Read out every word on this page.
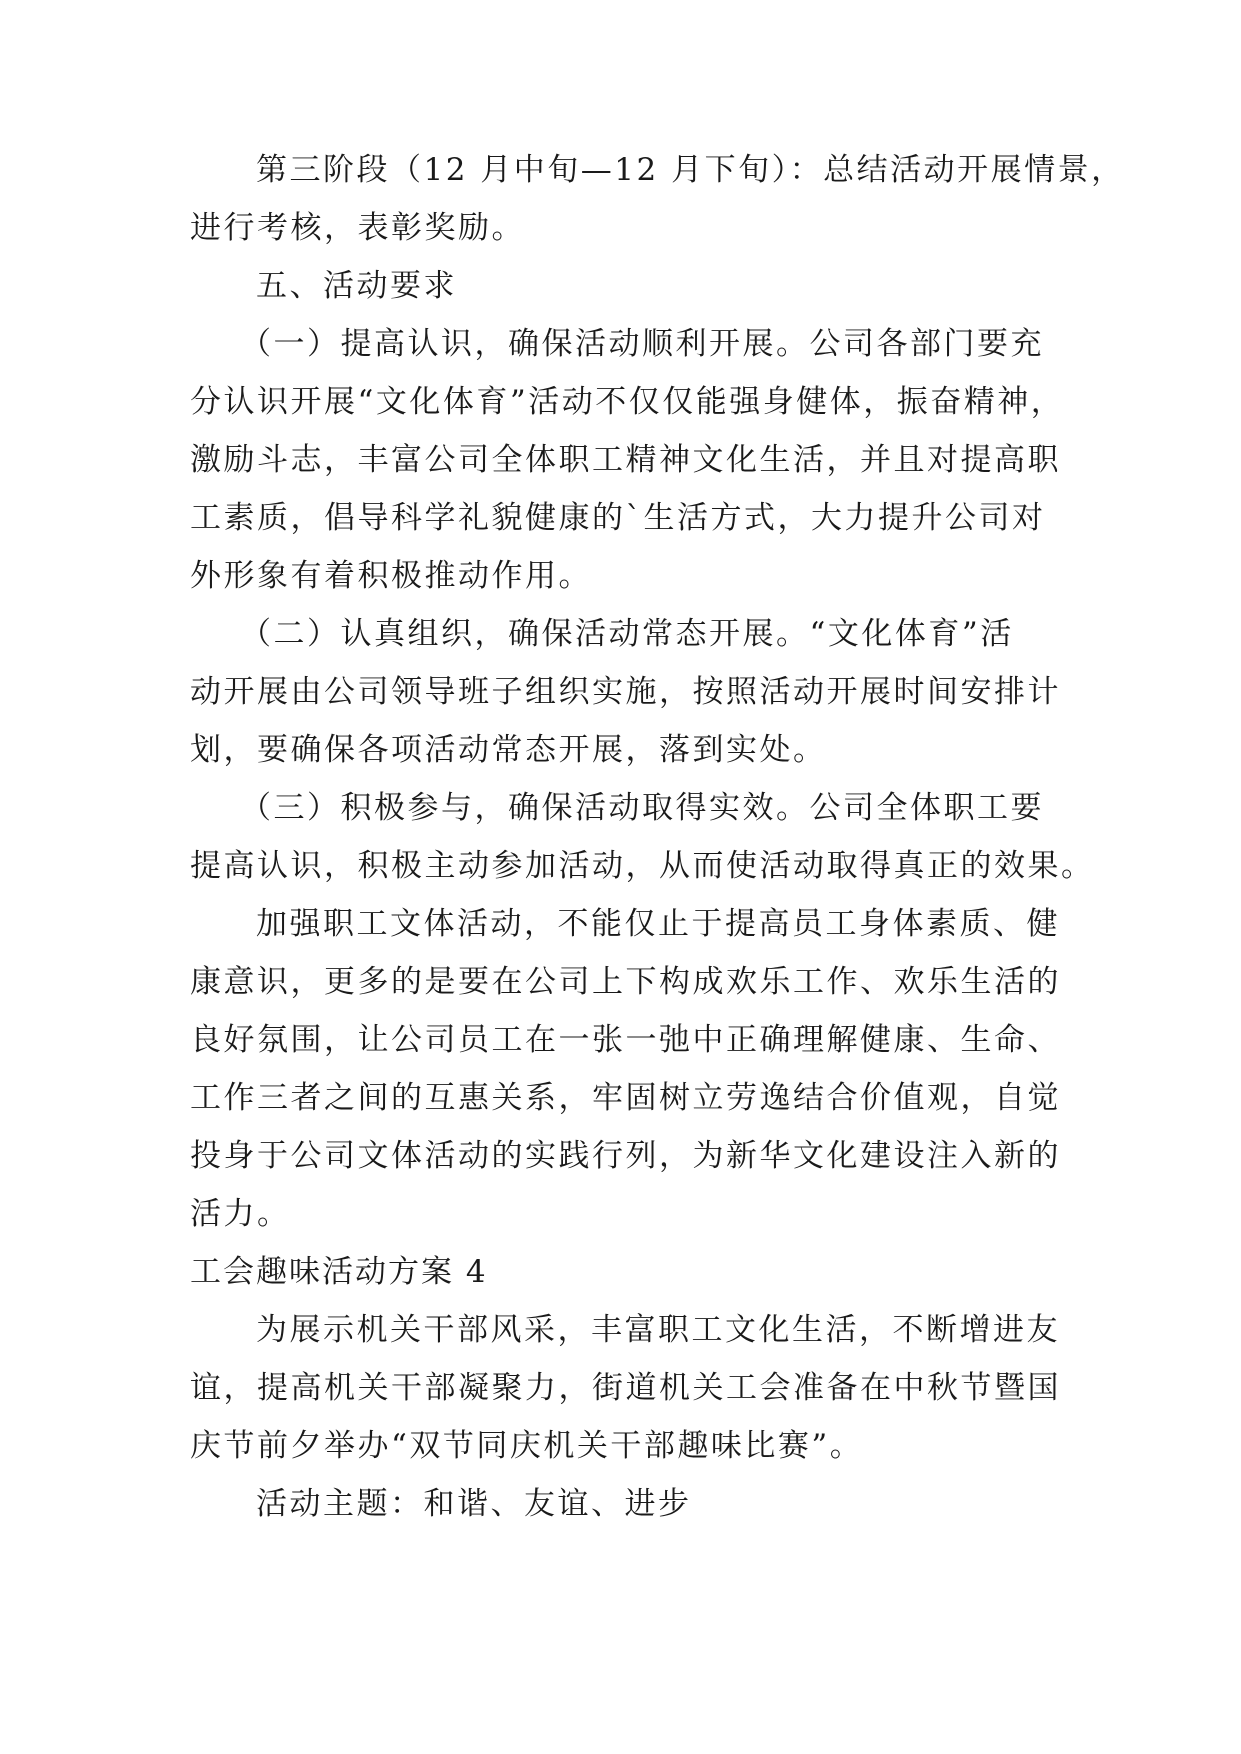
第三阶段（12 月中旬—12 月下旬）：总结活动开展情景，
进行考核，表彰奖励。
五、活动要求
（一）提高认识，确保活动顺利开展。公司各部门要充
分认识开展“文化体育”活动不仅仅能强身健体，振奋精神，
激励斗志，丰富公司全体职工精神文化生活，并且对提高职
工素质，倡导科学礼貌健康的`生活方式，大力提升公司对
外形象有着积极推动作用。
（二）认真组织，确保活动常态开展。“文化体育”活
动开展由公司领导班子组织实施，按照活动开展时间安排计
划，要确保各项活动常态开展，落到实处。
（三）积极参与，确保活动取得实效。公司全体职工要
提高认识，积极主动参加活动，从而使活动取得真正的效果。
加强职工文体活动，不能仅止于提高员工身体素质、健
康意识，更多的是要在公司上下构成欢乐工作、欢乐生活的
良好氛围，让公司员工在一张一弛中正确理解健康、生命、
工作三者之间的互惠关系，牢固树立劳逸结合价值观，自觉
投身于公司文体活动的实践行列，为新华文化建设注入新的
活力。
工会趣味活动方案 4
为展示机关干部风采，丰富职工文化生活，不断增进友
谊，提高机关干部凝聚力，街道机关工会准备在中秋节暨国
庆节前夕举办“双节同庆机关干部趣味比赛”。
活动主题：和谐、友谊、进步
